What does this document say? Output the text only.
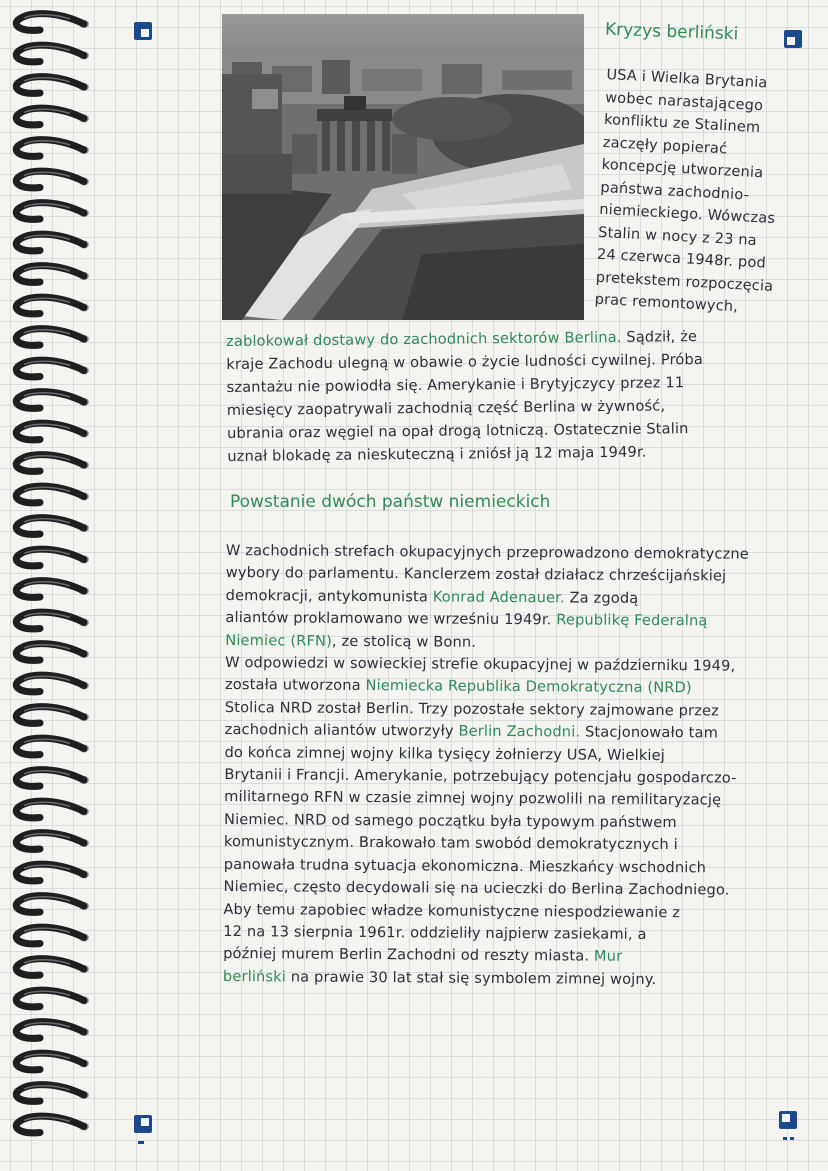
Kryzys berliński
USA i Wielka Brytania
wobec narastającego
konfliktu ze Stalinem
zaczęły popierać
koncepcję utworzenia
państwa zachodnio-
niemieckiego. Wówczas
Stalin w nocy z 23 na
24 czerwca 1948r. pod
pretekstem rozpoczęcia
prac remontowych,
zablokował dostawy do zachodnich sektorów Berlina. Sądził, że
kraje Zachodu ulegną w obawie o życie ludności cywilnej. Próba
szantażu nie powiodła się. Amerykanie i Brytyjczycy przez 11
miesięcy zaopatrywali zachodnią część Berlina w żywność,
ubrania oraz węgiel na opał drogą lotniczą. Ostatecznie Stalin
uznał blokadę za nieskuteczną i zniósł ją 12 maja 1949r.
Powstanie dwóch państw niemieckich
W zachodnich strefach okupacyjnych przeprowadzono demokratyczne
wybory do parlamentu. Kanclerzem został działacz chrześcijańskiej
demokracji, antykomunista Konrad Adenauer. Za zgodą
aliantów proklamowano we wrześniu 1949r. Republikę Federalną
Niemiec (RFN), ze stolicą w Bonn.
W odpowiedzi w sowieckiej strefie okupacyjnej w październiku 1949,
została utworzona Niemiecka Republika Demokratyczna (NRD)
Stolica NRD został Berlin. Trzy pozostałe sektory zajmowane przez
zachodnich aliantów utworzyły Berlin Zachodni. Stacjonowało tam
do końca zimnej wojny kilka tysięcy żołnierzy USA, Wielkiej
Brytanii i Francji. Amerykanie, potrzebujący potencjału gospodarczo-
militarnego RFN w czasie zimnej wojny pozwolili na remilitaryzację
Niemiec. NRD od samego początku była typowym państwem
komunistycznym. Brakowało tam swobód demokratycznych i
panowała trudna sytuacja ekonomiczna. Mieszkańcy wschodnich
Niemiec, często decydowali się na ucieczki do Berlina Zachodniego.
Aby temu zapobiec władze komunistyczne niespodziewanie z
12 na 13 sierpnia 1961r. oddzieliły najpierw zasiekami, a
później murem Berlin Zachodni od reszty miasta. Mur
berliński na prawie 30 lat stał się symbolem zimnej wojny.
